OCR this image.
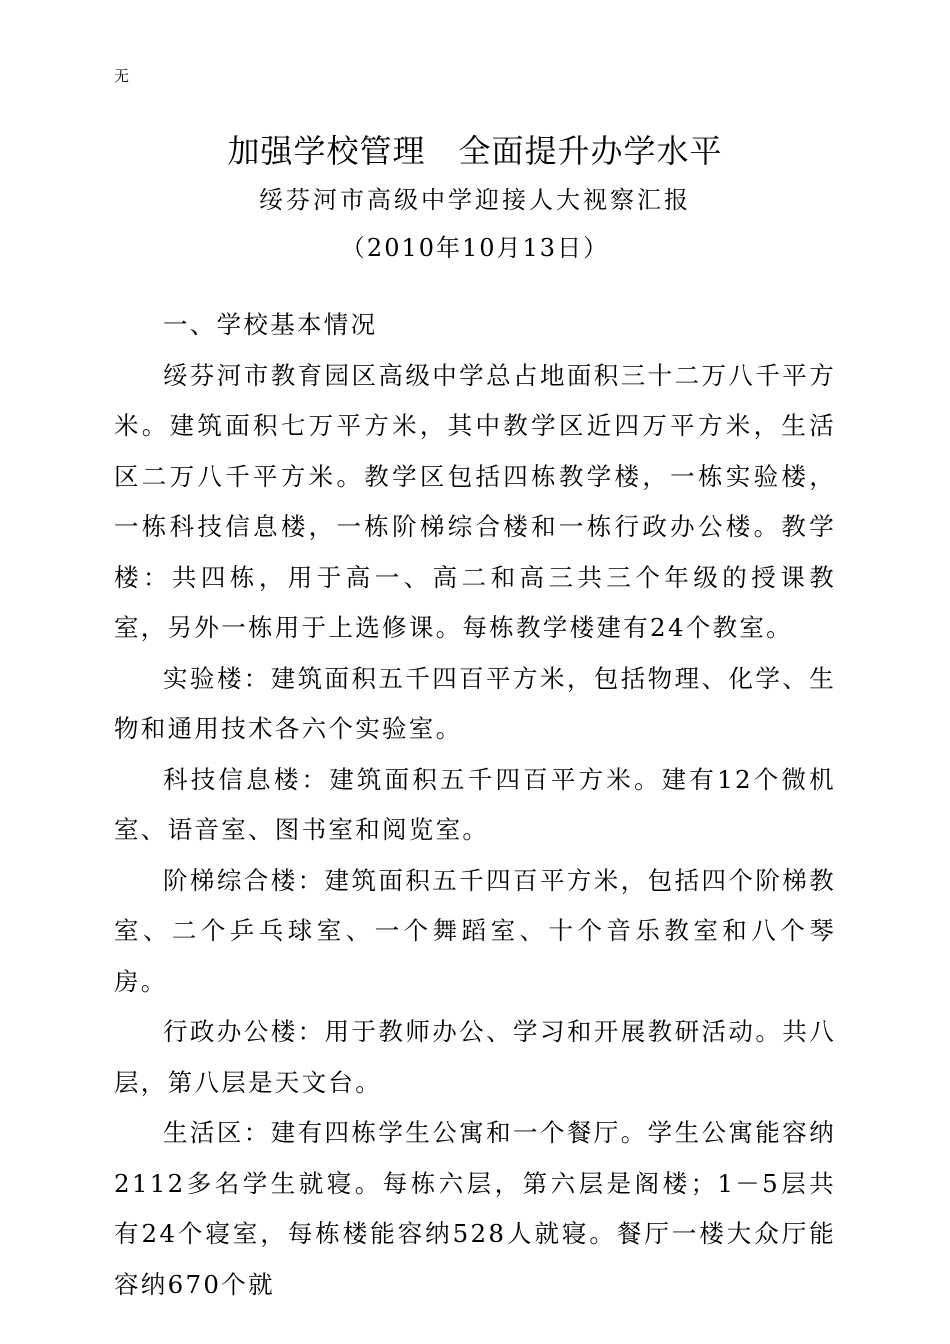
无
加强学校管理　全面提升办学水平
绥芬河市高级中学迎接人大视察汇报
（2010年10月13日）

一、学校基本情况

绥芬河市教育园区高级中学总占地面积三十二万八千平方米。建筑面积七万平方米，其中教学区近四万平方米，生活区二万八千平方米。教学区包括四栋教学楼，一栋实验楼，一栋科技信息楼，一栋阶梯综合楼和一栋行政办公楼。教学楼：共四栋，用于高一、高二和高三共三个年级的授课教室，另外一栋用于上选修课。每栋教学楼建有24个教室。

实验楼：建筑面积五千四百平方米，包括物理、化学、生物和通用技术各六个实验室。

科技信息楼：建筑面积五千四百平方米。建有12个微机室、语音室、图书室和阅览室。

阶梯综合楼：建筑面积五千四百平方米，包括四个阶梯教室、二个乒乓球室、一个舞蹈室、十个音乐教室和八个琴房。

行政办公楼：用于教师办公、学习和开展教研活动。共八层，第八层是天文台。

生活区：建有四栋学生公寓和一个餐厅。学生公寓能容纳2112多名学生就寝。每栋六层，第六层是阁楼；1－5层共有24个寝室，每栋楼能容纳528人就寝。餐厅一楼大众厅能容纳670个就
